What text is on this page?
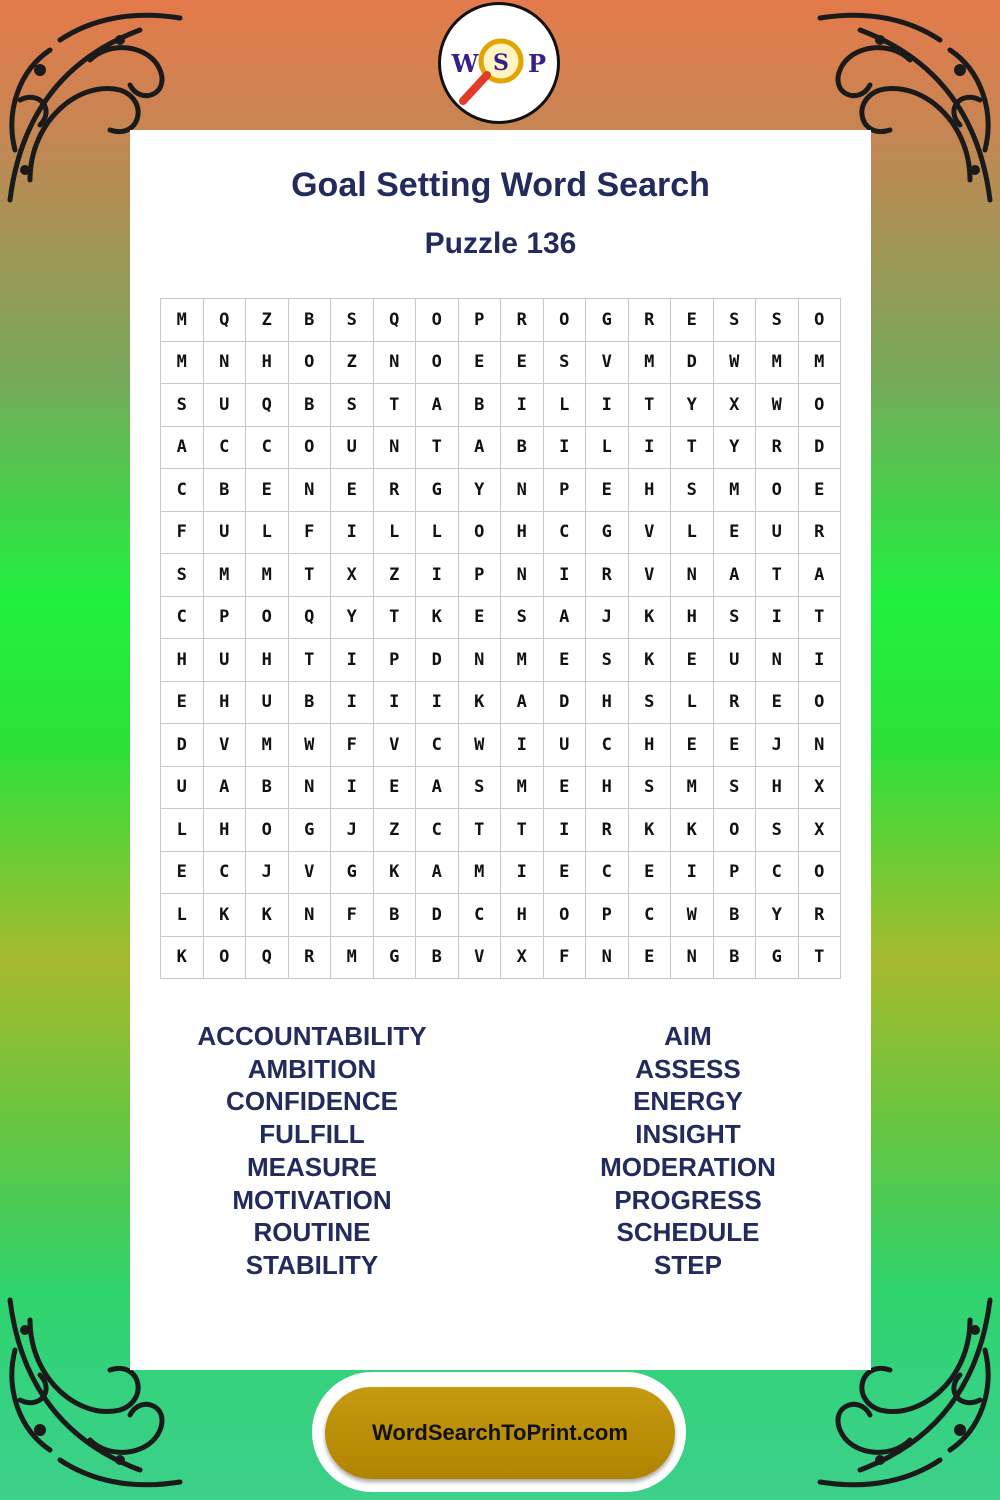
W S P
Goal Setting Word Search
Puzzle 136
M	Q	Z	B	S	Q	O	P	R	O	G	R	E	S	S	O
M	N	H	O	Z	N	O	E	E	S	V	M	D	W	M	M
S	U	Q	B	S	T	A	B	I	L	I	T	Y	X	W	O
A	C	C	O	U	N	T	A	B	I	L	I	T	Y	R	D
C	B	E	N	E	R	G	Y	N	P	E	H	S	M	O	E
F	U	L	F	I	L	L	O	H	C	G	V	L	E	U	R
S	M	M	T	X	Z	I	P	N	I	R	V	N	A	T	A
C	P	O	Q	Y	T	K	E	S	A	J	K	H	S	I	T
H	U	H	T	I	P	D	N	M	E	S	K	E	U	N	I
E	H	U	B	I	I	I	K	A	D	H	S	L	R	E	O
D	V	M	W	F	V	C	W	I	U	C	H	E	E	J	N
U	A	B	N	I	E	A	S	M	E	H	S	M	S	H	X
L	H	O	G	J	Z	C	T	T	I	R	K	K	O	S	X
E	C	J	V	G	K	A	M	I	E	C	E	I	P	C	O
L	K	K	N	F	B	D	C	H	O	P	C	W	B	Y	R
K	O	Q	R	M	G	B	V	X	F	N	E	N	B	G	T
ACCOUNTABILITY
AMBITION
CONFIDENCE
FULFILL
MEASURE
MOTIVATION
ROUTINE
STABILITY
AIM
ASSESS
ENERGY
INSIGHT
MODERATION
PROGRESS
SCHEDULE
STEP
WordSearchToPrint.com
